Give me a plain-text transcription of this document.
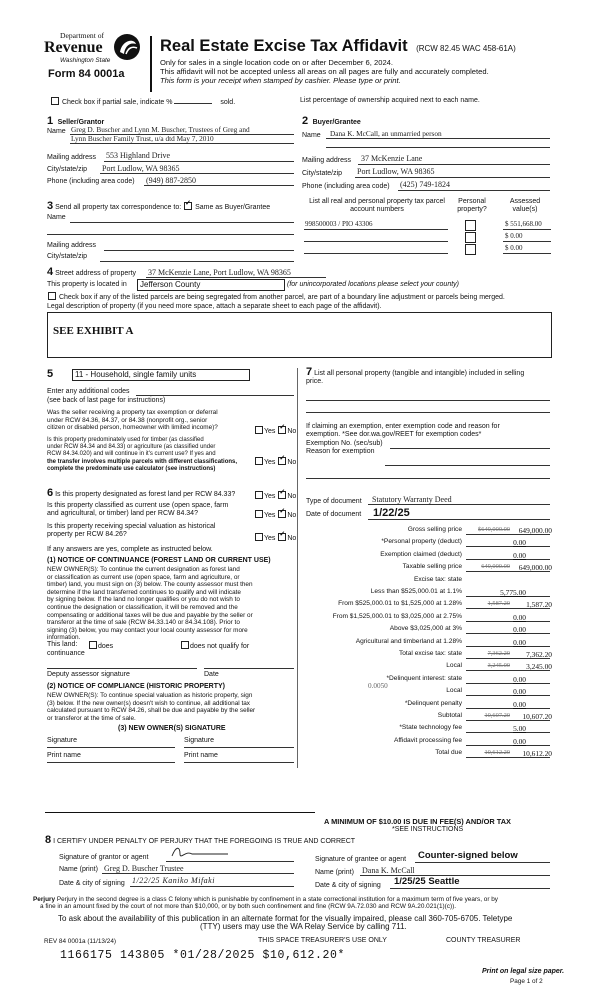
Department of
Revenue
Washington State
Form 84 0001a
Real Estate Excise Tax Affidavit (RCW 82.45 WAC 458-61A)
Only for sales in a single location code on or after December 6, 2024.
This affidavit will not be accepted unless all areas on all pages are fully and accurately completed.
This form is your receipt when stamped by cashier. Please type or print.
Check box if partial sale, indicate %	sold.	List percentage of ownership acquired next to each name.
1 Seller/Grantor
Name Greg D. Buscher and Lynn M. Buscher, Trustees of Greg and
Lynn Buscher Family Trust, u/a dtd May 7, 2010
Mailing address 553 Highland Drive
City/state/zip Port Ludlow, WA 98365
Phone (including area code) (949) 887-2850
2 Buyer/Grantee
Name Dana K. McCall, an unmarried person
Mailing address 37 McKenzie Lane
City/state/zip Port Ludlow, WA 98365
Phone (including area code) (425) 749-1824
3 Send all property tax correspondence to: ✓ Same as Buyer/Grantee
Name
Mailing address
City/state/zip
List all real and personal property tax parcel account numbers
Personal property?
Assessed value(s)
998500003 / PIO 43306	$ 551,668.00
$ 0.00
$ 0.00
4 Street address of property 37 McKenzie Lane, Port Ludlow, WA 98365
This property is located in	Jefferson County	(for unincorporated locations please select your county)
Check box if any of the listed parcels are being segregated from another parcel, are part of a boundary line adjustment or parcels being merged.
Legal description of property (if you need more space, attach a separate sheet to each page of the affidavit).
SEE EXHIBIT A
5	11 - Household, single family units
Enter any additional codes
(see back of last page for instructions)
Was the seller receiving a property tax exemption or deferral
under RCW 84.36, 84.37, or 84.38 (nonprofit org., senior
citizen or disabled person, homeowner with limited income)?
Yes ✓ No
Is this property predominately used for timber (as classified
under RCW 84.34 and 84.33) or agriculture (as classified under
RCW 84.34.020) and will continue in it's current use? If yes and
the transfer involves multiple parcels with different classifications,
complete the predominate use calculator (see instructions)
Yes ✓ No
6 Is this property designated as forest land per RCW 84.33?	Yes ✓ No
Is this property classified as current use (open space, farm
and agricultural, or timber) land per RCW 84.34?	Yes ✓ No
Is this property receiving special valuation as historical
property per RCW 84.26?
Yes ✓ No
If any answers are yes, complete as instructed below.
(1) NOTICE OF CONTINUANCE (FOREST LAND OR CURRENT USE)
NEW OWNER(S): To continue the current designation as forest land
or classification as current use (open space, farm and agriculture, or
timber) land, you must sign on (3) below. The county assessor must then
determine if the land transferred continues to qualify and will indicate
by signing below. If the land no longer qualifies or you do not wish to
continue the designation or classification, it will be removed and the
compensating or additional taxes will be due and payable by the seller or
transferor at the time of sale (RCW 84.33.140 or 84.34.108). Prior to
signing (3) below, you may contact your local county assessor for more
information.
This land:
continuance
does	does not qualify for
Deputy assessor signature	Date
(2) NOTICE OF COMPLIANCE (HISTORIC PROPERTY)
NEW OWNER(S): To continue special valuation as historic property, sign
(3) below. If the new owner(s) doesn't wish to continue, all additional tax
calculated pursuant to RCW 84.26, shall be due and payable by the seller
or transferor at the time of sale.
(3) NEW OWNER(S) SIGNATURE
Signature	Signature
Print name	Print name
7 List all personal property (tangible and intangible) included in selling
price.
If claiming an exemption, enter exemption code and reason for
exemption. *See dor.wa.gov/REET for exemption codes*
Exemption No. (sec/sub)
Reason for exemption
Type of document Statutory Warranty Deed
Date of document 1/22/25
Gross selling price	$649,000.00	649,000.00
*Personal property (deduct)	0.00
Exemption claimed (deduct)	0.00
Taxable selling price	649,000.00	649,000.00
Excise tax: state
Less than $525,000.01 at 1.1%	5,775.00
From $525,000.01 to $1,525,000 at 1.28%	1,587.20	1,587.20
From $1,525,000.01 to $3,025,000 at 2.75%	0.00
Above $3,025,000 at 3%	0.00
Agricultural and timberland at 1.28%	0.00
Total excise tax: state	7,362.20	7,362.20
Local	3,245.00	3,245.00
*Delinquent interest: state	0.00
Local	0.00
*Delinquent penalty	0.00
Subtotal	10,607.20	10,607.20
*State technology fee	5.00
Affidavit processing fee	0.00
Total due	10,612.20	10,612.20
0.0050
A MINIMUM OF $10.00 IS DUE IN FEE(S) AND/OR TAX
*SEE INSTRUCTIONS
8 I CERTIFY UNDER PENALTY OF PERJURY THAT THE FOREGOING IS TRUE AND CORRECT
Signature of grantor or agent
Name (print) Greg D. Buscher Trustee
Date & city of signing 1/22/25 Kaniko Mifaki
Signature of grantee or agent Counter-signed below
Name (print) Dana K. McCall
Date & city of signing 1/25/25 Seattle
Perjury Perjury in the second degree is a class C felony which is punishable by confinement in a state correctional institution for a maximum term of five years, or by
a fine in an amount fixed by the court of not more than $10,000, or by both such confinement and fine (RCW 9A.72.030 and RCW 9A.20.021(1)(c)).
To ask about the availability of this publication in an alternate format for the visually impaired, please call 360-705-6705. Teletype
(TTY) users may use the WA Relay Service by calling 711.
REV 84 0001a (11/13/24)	THIS SPACE TREASURER'S USE ONLY	COUNTY TREASURER
1166175 143805 *01/28/2025 $10,612.20*
Print on legal size paper.
Page 1 of 2
